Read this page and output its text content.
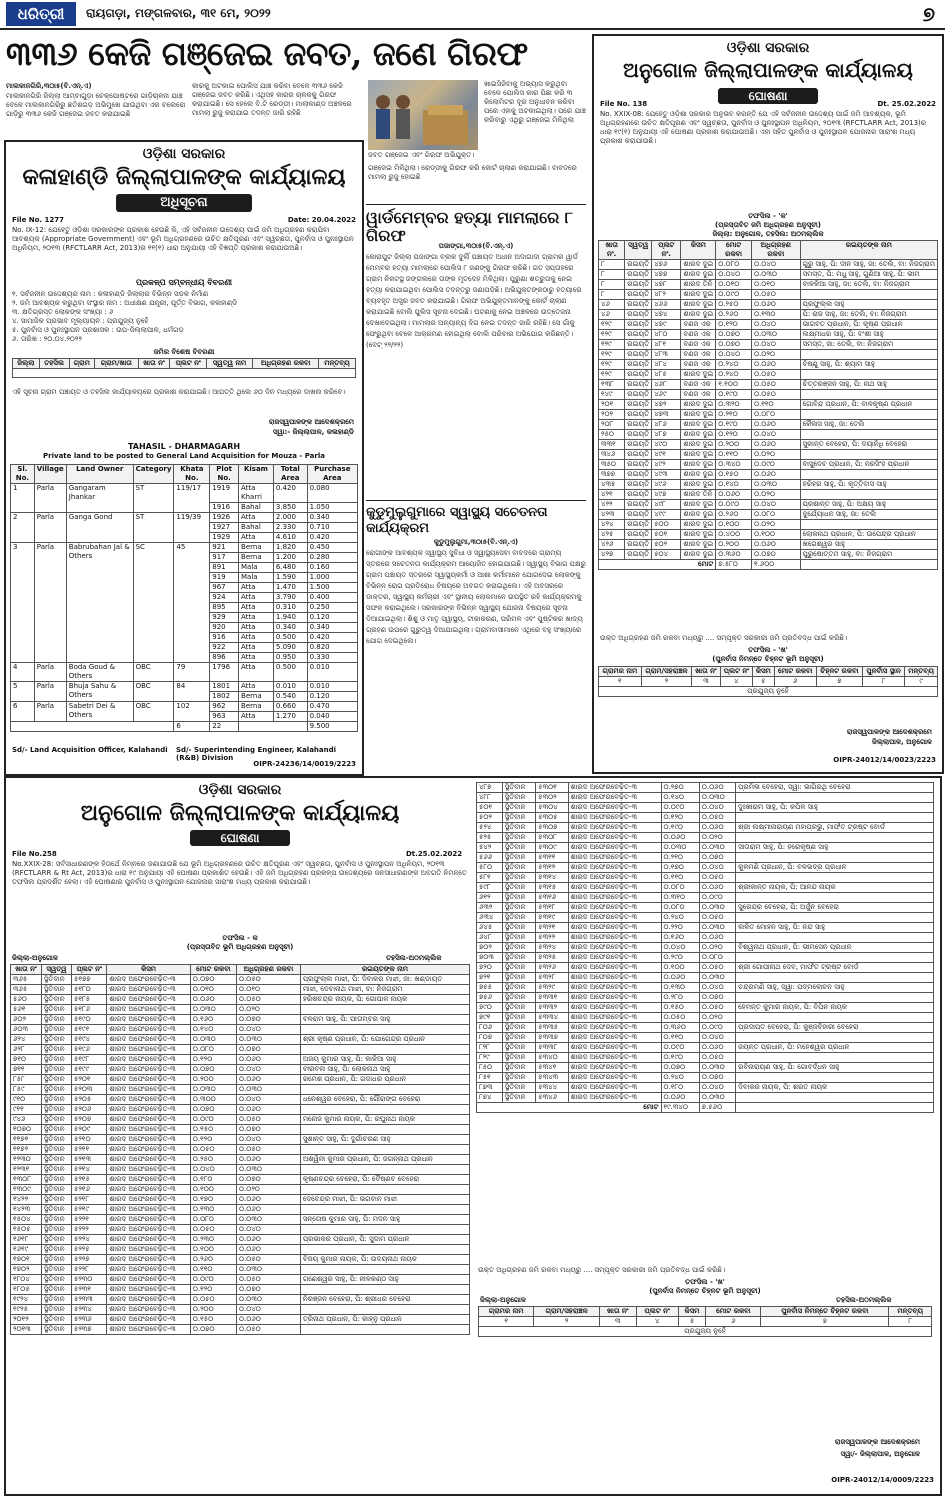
ଧରିତ୍ରୀ
DHARITRI
ରାୟଗଡ଼ା, ମଙ୍ଗଳବାର, ୩୧ ମେ, ୨୦୨୨	୭
୩୩୬ କେଜି ଗଞ୍ଜେଇ ଜବତ, ଜଣେ ଗିରଫ
ମାଲକାନଗିରି,୩୦ା୫(ବି.ଏନ୍‌.ଏ)
ମାଲକାନଗିରି ଜିଲ୍ଲା ଆମ୍ବାଗୁଡ଼ା ଚେକ୍‌ପୋଷ୍ଟରେ ଗାଡ଼ିଚାଳନା ଯାଞ୍ଚ ବେଳେ ମାଲକାନଗିରିରୁ ଛତିଶଗଡ଼ ଅଭିମୁଖେ ଯାଉଥିବା ଏକ ବଲେରୋ ଗାଡ଼ିରୁ ୩୩୬ କେଜି ଗଞ୍ଜେଇ ଜବତ କରାଯାଇଛି
କାରକୁ ଅଟକାଇ ପୋଲିସ ଯାଞ୍ଚ କରିବା ବେଳେ ୩୩୬ କେଜି ଗଞ୍ଜେଇ ଜବତ କରିଛି। ଏଥିସହ କାରର ଚାଳକକୁ ଗିରଫ କରାଯାଇଛି। ସେ ହେଲେ ବି.ଟି ରେଡ୍ଡୀ। ମାଲାକାଣ୍ଡ ଅଞ୍ଚଳରେ ମାମଲା ରୁଜୁ କରାଯାଇ ତଦନ୍ତ ଜାରି ରହିଛି
ଜବତ ଗଞ୍ଜେଇ ଏବଂ ଗିରଫ ଅଭିଯୁକ୍ତ।
ଖାଇସିଜିବାକୁ ଅଭ୍ୟାସ କରୁଥିବା ବେଳେ ପୋଲିସ କାର ପିଛା କରି ୩ କିଲୋମିଟର ଦୂର ଅନୁଧାବନ କରିବା ପରେ ଏହାକୁ ଅଟକାଇଥିଲା। ପରେ ଯାଞ୍ଚ କରିବାରୁ ଏଥିରୁ ଗଞ୍ଜେଇ ମିଳିଥିଲା
ଗଞ୍ଜେଇ ମିଳିଥିଲା। ରେଡ୍ଡୀକୁ ଗିରଫ କରି କୋର୍ଟ ଚାଲାଣ କରାଯାଇଛି। ବାବଦରେ ମାମଲା ରୁଜୁ ହୋଇଛି
ଓଡ଼ିଶା ସରକାର
କଳାହାଣ୍ଡି ଜିଲ୍ଲାପାଳଙ୍କ କାର୍ଯ୍ୟାଳୟ
ଅଧିସୂଚନା
File No. 1277	Date: 20.04.2022
No. IX-12: ଯେହେତୁ ଓଡ଼ିଶା ସରକାରଙ୍କ ପ୍ରକାଶ ହେଉଛି କି, ଏହି ସର୍ବଜନୀନ ଉଦ୍ଦେଶ୍ୟ ପାଇଁ ଜମି ଅଧିଗ୍ରହଣ କରାଯିବା ଆବଶ୍ୟକ (Appropriate Government) ଏବଂ ଭୂମି ଅଧିଗ୍ରହଣରେ ଉଚିତ କ୍ଷତିପୂରଣ ଏବଂ ସ୍ୱଚ୍ଛତା, ପୁନର୍ବାସ ଓ ପୁନଃସ୍ଥାପନ ଅଧିନିୟମ, ୨୦୧୩ (RFCTLARR Act, 2013)ର ୧୧(୧) ଧାରା ଅନୁଯାୟୀ ଏହି ବିଜ୍ଞପ୍ତି ପ୍ରକାଶ କରାଯାଉଅଛି।
ପ୍ରକଳ୍ପ ସମ୍ବନ୍ଧୀୟ ବିବରଣୀ
୧. ସର୍ବଜନୀନ ଉଦ୍ଦେଶ୍ୟର ନାମ : କଳାହାଣ୍ଡି ଜିଲ୍ଲାର ବିଭିନ୍ନ ସଡ଼କ ନିର୍ମାଣ
୨. ଜମି ଆବଶ୍ୟକ କରୁଥିବା ସଂସ୍ଥାର ନାମ : ଅଧୀକ୍ଷଣ ଯନ୍ତ୍ରୀ, ପୂର୍ତ୍ତ ବିଭାଗ, କଳାହାଣ୍ଡି
୩. କ୍ଷତିଗ୍ରସ୍ତ ଲୋକଙ୍କ ସଂଖ୍ୟା : ୬
୪. ସାମାଜିକ ପ୍ରଭାବ ମୂଲ୍ୟାୟନ : ପ୍ରଯୁଜ୍ୟ ନୁହେଁ
୫. ପୁନର୍ବାସ ଓ ପୁନଃସ୍ଥାପନ ପ୍ରଶାସକ : ଉପ-ଜିଲ୍ଲାପାଳ, ଧର୍ମଗଡ଼
୬. ତାରିଖ : ୨୦.୦୪.୨୦୨୨
ଜମିର ବିଶେଷ ବିବରଣୀ
ଜିଲ୍ଲା	ତହସିଲ	ଗ୍ରାମ	ଗ୍ରାମ/ଖାତା	ଖାତା ନଂ	ପ୍ଲଟ ନଂ	ସ୍ୱତ୍ୱ ନାମ	ଅଧିଗ୍ରହଣ ରକବା	ମନ୍ତବ୍ୟ

ଏହି ସୂଚନା ଗ୍ରାମ ପଞ୍ଚାୟତ ଓ ତହସିଲ କାର୍ଯ୍ୟାଳୟରେ ପ୍ରକାଶ କରାଯାଇଛି। ଆପତ୍ତି ଥିଲେ ୬୦ ଦିନ ମଧ୍ୟରେ ଦାଖଲ କରିବେ।
ରାଜସ୍ୱପାଳଙ୍କ ଆଦେଶକ୍ରମେ
ସ୍ୱା:- ଜିଲ୍ଲାପାଳ, କଳାହାଣ୍ଡି
TAHASIL - DHARMAGARH
Private land to be posted to General Land Acquisition for Mouza - Parla
Sl. No.	Village	Land Owner	Category	Khata No.	Plot No.	Kisam	Total Area	Purchase Area
1	Parla	Gangaram Jhankar	ST	119/17	1919	Atta Kharri	0.420	0.080
					1916	Bahal	3.850	1.050
2	Parla	Ganga Gond	ST	119/39	1926	Atta	2.000	0.340
					1927	Bahal	2.330	0.710
					1929	Atta	4.610	0.420
3	Parla	Babrubahan Jal & Others	SC	45	921	Berna	1.820	0.450
					917	Berna	1.200	0.280
					891	Mala	6.480	0.160
					919	Mala	1.590	1.000
					967	Atta	1.470	1.500
					924	Atta	3.790	0.400
					895	Atta	0.310	0.250
					929	Atta	1.940	0.120
					920	Atta	0.340	0.340
					916	Atta	0.500	0.420
					922	Atta	5.090	0.820
					896	Atta	0.950	0.330
4	Parla	Boda Goud & Others	OBC	79	1796	Atta	0.500	0.010
5	Parla	Bhuja Sahu & Others	OBC	84	1801	Atta	0.010	0.010
					1802	Berna	0.540	0.120
6	Parla	Sabetri Dei & Others	OBC	102	962	Berna	0.660	0.470
					963	Atta	1.270	0.040
				6	22			9.500
Sd/- Land Acquisition Officer, Kalahandi Sd/- Superintending Engineer, Kalahandi (R&B) Division
OIPR-24236/14/0019/2223
ୱାର୍ଡମେମ୍ବର ହତ୍ୟା ମାମଲାରେ ୮ ଗିରଫ
ପଜାଙ୍ଗା,୩୦ା୫(ବି.ଏନ୍‌.ଏ)
କୋରାପୁଟ ଜିଲ୍ଲା ପଜାଙ୍ଗା ବ୍ଲକ ଦୁର୍ଲି ପଞ୍ଚାୟତ ଅଧୀନ ଅଦାଗାଦା ଗ୍ରାମର ୱାର୍ଡ ମେମ୍ବର ହତ୍ୟା ମାମଲାରେ ପୋଲିସ ୮ ଜଣଙ୍କୁ ଗିରଫ କରିଛି। ଗତ ସପ୍ତାହରେ ଗ୍ରାମ ନିକଟସ୍ଥ ଜଙ୍ଗଲରେ ତାଙ୍କ ମୃତଦେହ ମିଳିଥିଲା। ପୁରୁଣା ଶତ୍ରୁତାକୁ ନେଇ ହତ୍ୟା କରାଯାଇଥିବା ପୋଲିସ ତଦନ୍ତରୁ ଜଣାପଡ଼ିଛି। ଅଭିଯୁକ୍ତଙ୍କଠାରୁ ହତ୍ୟାରେ ବ୍ୟବହୃତ ଅସ୍ତ୍ର ଜବତ କରାଯାଇଛି। ଗିରଫ ଅଭିଯୁକ୍ତମାନଙ୍କୁ କୋର୍ଟ ଚାଲାଣ କରାଯାଇଛି ବୋଲି ପୁଲିସ ସୂଚନା ଦେଇଛି। ଘଟଣାକୁ ନେଇ ଅଞ୍ଚଳରେ ଉତ୍ତେଜନା ଦେଖାଦେଇଥିଲା। ମାମଲାର ଅନ୍ୟାନ୍ୟ ଦିଗ ନେଇ ତଦନ୍ତ ଜାରି ରହିଛି। ସେ ଗାଁକୁ ଫେରୁଥିବା ବେଳେ ଆକ୍ରମଣ ହୋଇଥିଲା ବୋଲି ପରିବାର ଅଭିଯୋଗ କରିଛନ୍ତି। (ବେଟ୍‌ ୨୨/୨୨)
କୁଡୁମୁଲୁଗୁମାରେ ସ୍ୱାସ୍ଥ୍ୟ ସଚେତନତା କାର୍ଯ୍ୟକ୍ରମ
କୁଡୁମୁଲୁଗୁମା,୩୦ା୫(ବି.ଏନ୍‌.ଏ)
ରୋଗୀଙ୍କ ଆବଶ୍ୟକ ସ୍ୱାସ୍ଥ୍ୟ ସୁବିଧା ଓ ସ୍ୱାସ୍ଥ୍ୟସେବା ବାବଦରେ ଗ୍ରାମ୍ୟ ସ୍ତରରେ ସଚେତନତା କାର୍ଯ୍ୟକ୍ରମ ଆୟୋଜିତ ହୋଇଯାଇଛି। ସ୍ୱାସ୍ଥ୍ୟ ବିଭାଗ ପକ୍ଷରୁ ଗ୍ରାମ ପଞ୍ଚାୟତ ସ୍ତରରେ ସ୍ୱାସ୍ଥ୍ୟକର୍ମୀ ଓ ଆଶା କର୍ମୀମାନେ ଯୋଗଦେଇ ଲୋକଙ୍କୁ ବିଭିନ୍ନ ରୋଗ ପ୍ରତିରୋଧ ବିଷୟରେ ଅବଗତ କରାଇଥିଲେ। ଏହି ଅବସରରେ ଡାକ୍ତର, ସ୍ୱାସ୍ଥ୍ୟ କର୍ମଚାରୀ ଏବଂ ସ୍ଥାନୀୟ ଲୋକମାନେ ଉପସ୍ଥିତ ରହି କାର୍ଯ୍ୟକ୍ରମକୁ ସଫଳ କରାଇଥିଲେ। ସରକାରଙ୍କ ବିଭିନ୍ନ ସ୍ୱାସ୍ଥ୍ୟ ଯୋଜନା ବିଷୟରେ ସୂଚନା ଦିଆଯାଇଥିଲା। ଶିଶୁ ଓ ମାତୃ ସ୍ୱାସ୍ଥ୍ୟ, ଟୀକାକରଣ, ପରିମଳ ଏବଂ ପୁଷ୍ଟିକର ଖାଦ୍ୟ ଗ୍ରହଣ ଉପରେ ଗୁରୁତ୍ୱ ଦିଆଯାଇଥିଲା। ଗ୍ରାମବାସୀମାନେ ଏଥିରେ ବହୁ ସଂଖ୍ୟାରେ ଯୋଗ ଦେଇଥିଲେ।
ଓଡ଼ିଶା ସରକାର
ଅନୁଗୋଳ ଜିଲ୍ଲାପାଳଙ୍କ କାର୍ଯ୍ୟାଳୟ
ଘୋଷଣା
File No. 138	Dt. 25.02.2022
No. XXIX-08: ଯେହେତୁ ଓଡ଼ିଶା ସରକାର ଅନୁଭବ କରନ୍ତି ଯେ ଏହି ସର୍ବଜନୀନ ଉଦ୍ଦେଶ୍ୟ ପାଇଁ ଜମି ଆବଶ୍ୟକ, ଭୂମି ଅଧିଗ୍ରହଣରେ ଉଚିତ କ୍ଷତିପୂରଣ ଏବଂ ସ୍ୱଚ୍ଛତା, ପୁନର୍ବାସ ଓ ପୁନଃସ୍ଥାପନ ଅଧିନିୟମ, ୨୦୧୩ (RFCTLARR Act, 2013)ର ଧାରା ୧୯(୧) ଅନୁଯାୟୀ ଏହି ଘୋଷଣା ପ୍ରକାଶ କରାଯାଉଅଛି। ଏହା ସହିତ ପୁନର୍ବାସ ଓ ପୁନଃସ୍ଥାପନ ଯୋଜନାର ସାରାଂଶ ମଧ୍ୟ ପ୍ରକାଶ କରାଯାଉଛି।
ତଫସିଲ - 'କ'
(ପ୍ରସ୍ତାବିତ ଜମି ଅଧିଗ୍ରହଣ ଅନୁସୂଚୀ)
ଜିଲ୍ଲା: ଅନୁଗୋଳ, ତହସିଲ: ଅଠମଲ୍ଲିକ
ଖାତା ନଂ.	ସ୍ୱତ୍ୱ	ପ୍ଲଟ ନଂ.	କିସମ	ମୋଟ ରକବା	ଅଧିଗ୍ରହଣ ରକବା	ରଇୟତଙ୍କ ନାମ
୮	ରଇୟତି	୪୭୬	ଶାରଦ ଦୁଇ	୦.୦୮୦	୦.୦୪୦	ଗୁରୁ ସାହୁ, ପି: ଦୀନ ସାହୁ, ଜା: ତେଲି, ବା: ନିଜଗ୍ରାମ
୮	ରଇୟତି	୪୭୭	ଶାରଦ ଦୁଇ	୦.୦୪୦	୦.୦୩୦	ସମସ୍ତ, ପି: ମଧୁ ସାହୁ, ଗୁଣିଆ ସାହୁ, ପି: ଭୀମ
୮	ରଇୟତି	୪୭୮	ଶାରଦ ତିନି	୦.୦୧୦	୦.୦୧୦	ବାଳକିଆ ସାହୁ, ଜା: ତେଲି, ବା: ନିଜଗ୍ରାମ
୮	ରଇୟତି	୪୮୨	ଶାରଦ ଦୁଇ	୦.୦୯୦	୦.୦୫୦	
୪୬	ରଇୟତି	୪୬୬	ଶାରଦ ଦୁଇ	୦.୨୫୦	୦.୦୬୦	ପ୍ରଫୁଲ୍ଲ ସାହୁ
୪୬	ରଇୟତି	୪୭୪	ଶାରଦ ଦୁଇ	୦.୨୬୦	୦.୧୩୦	ପି: ରାଜ ସାହୁ, ଜା: ତେଲି, ବା: ନିଜଗ୍ରାମ
୧୨୯	ରଇୟତି	୪୭୯	ବଣଜ ଏକ	୦.୧୨୦	୦.୦୪୦	ଭାଗବତ ପ୍ରଧାନ, ପି: କୃଷ୍ଣ ପ୍ରଧାନ
୧୨୯	ରଇୟତି	୪୮୦	ବଣଜ ଏକ	୦.୦୭୦	୦.୦୩୦	ଲକ୍ଷ୍ମୀଧର ସାହୁ, ପି: ବଂଶୀ ସାହୁ
୧୨୯	ରଇୟତି	୪୮୧	ବଣଜ ଏକ	୦.୦୭୦	୦.୦୪୦	ସମସ୍ତ, ଜା: ତେଲି, ବା: ନିଜଗ୍ରାମ
୧୨୯	ରଇୟତି	୪୮୩	ବଣଜ ଏକ	୦.୦୪୦	୦.୦୨୦	
୧୨୯	ରଇୟତି	୪୮୪	ବଣଜ ଏକ	୦.୨୪୦	୦.୦୬୦	ବିଷ୍ଣୁ ସାହୁ, ପି: ଶ୍ୟାମ ସାହୁ
୧୨୯	ରଇୟତି	୪୮୫	ଶାରଦ ଦୁଇ	୦.୨୪୦	୦.୦୫୦	
୧୩୮	ରଇୟତି	୪୬୮	ବଣଜ ଏକ	୧.୧୦୦	୦.୦୫୦	ଚିତ୍ତରଞ୍ଜନ ସାହୁ, ପି: ନାଥ ସାହୁ
୧୪୯	ରଇୟତି	୪୬୯	ବଣଜ ଏକ	୦.୧୯୦	୦.୦୫୦	
୨୦୧	ରଇୟତି	୪୭୨	ଶାରଦ ଦୁଇ	୦.୩୨୦	୦.୧୧୦	ଗୋବିନ୍ଦ ପ୍ରଧାନ, ପି: ବାଳକୃଷ୍ଣ ପ୍ରଧାନ
୨୦୨	ରଇୟତି	୪୭୩	ଶାରଦ ଦୁଇ	୦.୨୧୦	୦.୦୮୦	
୨୦୮	ରଇୟତି	୪୮୬	ଶାରଦ ଦୁଇ	୦.୧୯୦	୦.୦୬୦	କୈଳାସ ସାହୁ, ଜା: ତେଲି
୨୫୦	ରଇୟତି	୪୮୭	ଶାରଦ ଦୁଇ	୦.୧୨୦	୦.୦୪୦	
୩୩୧	ରଇୟତି	୪୯୦	ଶାରଦ ଦୁଇ	୦.୨୦୦	୦.୦୬୦	ସୁକାନ୍ତ ବେହେରା, ପି: ଦୟାନିଧି ବେହେରା
୩୪୬	ରଇୟତି	୪୯୧	ଶାରଦ ଦୁଇ	୦.୧୧୦	୦.୦୨୦	
୩୫୦	ରଇୟତି	୪୯୨	ଶାରଦ ଦୁଇ	୦.୩୪୦	୦.୦୯୦	ବାସୁଦେବ ପ୍ରଧାନ, ପି: ନରସିଂହ ପ୍ରଧାନ
୩୭୭	ରଇୟତି	୪୯୩	ଶାରଦ ଦୁଇ	୦.୧୫୦	୦.୦୬୦	
୪୩୫	ରଇୟତି	୪୯୬	ଶାରଦ ଦୁଇ	୦.୧୪୦	୦.୦୩୦	ହରିହର ସାହୁ, ପି: କୃତ୍ତିବାସ ସାହୁ
୪୨୧	ରଇୟତି	୪୯୭	ଶାରଦ ତିନି	୦.୦୬୦	୦.୦୨୦	
୪୨୨	ରଇୟତି	୪୯୮	ଶାରଦ ଦୁଇ	୦.୦୯୦	୦.୦୪୦	ପ୍ରଶାନ୍ତ ସାହୁ, ପି: ଅକ୍ଷୟ ସାହୁ
୪୨୩	ରଇୟତି	୪୯୯	ଶାରଦ ଦୁଇ	୦.୨୬୦	୦.୦୮୦	ଦୁର୍ଯ୍ୟୋଧନ ସାହୁ, ଜା: ତେଲି
୪୨୪	ରଇୟତି	୫୦୦	ଶାରଦ ଦୁଇ	୦.୧୦୦	୦.୦୨୦	
୪୨୫	ରଇୟତି	୫୦୧	ଶାରଦ ଦୁଇ	୦.୪୦୦	୦.୧୦୦	ଲୋକନାଥ ପ୍ରଧାନ, ପି: ଉପେନ୍ଦ୍ର ପ୍ରଧାନ
୪୨୬	ରଇୟତି	୫୦୨	ଶାରଦ ଦୁଇ	୦.୨୦୦	୦.୦୬୦	ଖଗେଶ୍ୱର ସାହୁ
୪୨୭	ରଇୟତି	୫୦୪	ଶାରଦ ଦୁଇ	୦.୩୬୦	୦.୦୭୦	ପୁରୁଷୋତ୍ତମ ସାହୁ, ବା: ନିଜଗ୍ରାମ
ମୋଟ				୭.୫୮୦	୧.୬୦୦	
ଉକ୍ତ ଅଧିଗ୍ରହଣ ଜମି ରକବା ମଧ୍ୟରୁ .... ସମ୍ପୃକ୍ତ ସରକାରୀ ଜମି ପ୍ରତିବଦ୍ଧ ପାଇଁ କରିଛି।
ତଫସିଲ - 'ଖ'
(ପୁନର୍ବାସ ନିମନ୍ତେ ଚିହ୍ନଟ ଭୂମି ଅନୁସୂଚୀ)
ଗ୍ରାମର ନାମ	ଗ୍ରାମ/ସହରାଞ୍ଚଳ	ଖାତା ନଂ	ପ୍ଲଟ ନଂ	କିସମ	ମୋଟ ରକବା	ଚିହ୍ନଟ ରକବା	ପୁନର୍ବାସ ସ୍ଥାନ	ମନ୍ତବ୍ୟ
୧	୨	୩	୪	୫	୬	୭	୮	୯
ପ୍ରଯୁଜ୍ୟ ନୁହେଁ								
ରାଜସ୍ୱପାଳଙ୍କ ଆଦେଶକ୍ରମେ
ଜିଲ୍ଲାପାଳ, ଅନୁଗୋଳ
OIPR-24012/14/0023/2223
ଓଡ଼ିଶା ସରକାର
ଅନୁଗୋଳ ଜିଲ୍ଲାପାଳଙ୍କ କାର୍ଯ୍ୟାଳୟ
ଘୋଷଣା
File No.258	Dt.25.02.2022
No.XXIX-28: ସର୍ବସାଧାରଣଙ୍କ ହିତାର୍ଥେ ନିମ୍ନରେ ଜଣାଯାଉଛି ଯେ ଭୂମି ଅଧିଗ୍ରହଣରେ ଉଚିତ କ୍ଷତିପୂରଣ ଏବଂ ସ୍ୱଚ୍ଛତା, ପୁନର୍ବାସ ଓ ପୁନଃସ୍ଥାପନ ଅଧିନିୟମ, ୨୦୧୩ (RFCTLARR & Rt Act, 2013)ର ଧାରା ୧୯ ଅନୁଯାୟୀ ଏହି ଘୋଷଣା ପ୍ରକାଶିତ ହେଉଛି। ଏହି ଜମି ଅଧିଗ୍ରହଣ ପ୍ରକଳ୍ପ ଉଦ୍ଦେଶ୍ୟରେ ଜନସାଧାରଣଙ୍କ ଅବଗତି ନିମନ୍ତେ ତଫସିଲ ପ୍ରଦର୍ଶିତ ହେଲା। ଏହି ଘୋଷଣାର ପୁନର୍ବାସ ଓ ପୁନଃସ୍ଥାପନ ଯୋଜନାର ସାରାଂଶ ମଧ୍ୟ ପ୍ରକାଶ କରାଯାଉଛି।
ତଫସିଲ - କ
(ପ୍ରସ୍ତାବିତ ଭୂମି ଅଧିଗ୍ରହଣ ଅନୁସୂଚୀ)
ଜିଲ୍ଲା-ଅନୁଗୋଳ	ତହସିଲ-ଅଠମଲ୍ଲିକ
ଖାତା ନଂ	ସ୍ୱତ୍ୱ	ପ୍ଲଟ ନଂ	କିସମ	ମୋଟ ରକବା	ଅଧିଗ୍ରହଣ ରକବା	ରଇୟତଙ୍କ ନାମ
୩୬୫	ସ୍ଥିତିବାନ	୫୧୭୭	ଶାରଦ ଅଫେରବେଢ଼ିତ-୩	୦.୦୭୦	୦.୦୫୦	ପ୍ରଫୁଲ୍ଲ ମାଝୀ, ପି: ଦିବାକର ମାଝୀ, ଜା: ଖଣ୍ଡାୟତ
୩୬୫	ସ୍ଥିତିବାନ	୫୧୮୦	ଶାରଦ ଅଫେରବେଢ଼ିତ-୩	୦.୦୧୦	୦.୦୧୦	ମାଝୀ, ଦେବାନାଥ ମାଝୀ, ବା: ନିଜଗ୍ରାମ
୫୬୦	ସ୍ଥିତିବାନ	୫୧୮୫	ଶାରଦ ଅଫେରବେଢ଼ିତ-୩	୦.୦୬୦	୦.୦୫୦	ହରିଶଚନ୍ଦ୍ର ନାୟକ, ପି: ଗୋପାଳ ନାୟକ
୫୬୧	ସ୍ଥିତିବାନ	୫୧୮୬	ଶାରଦ ଅଫେରବେଢ଼ିତ-୩	୦.୦୩୦	୦.୦୨୦	
୬୦୨	ସ୍ଥିତିବାନ	୫୧୯୦	ଶାରଦ ଅଫେରବେଢ଼ିତ-୩	୦.୧୬୦	୦.୦୭୦	ବଳରାମ ସାହୁ, ପି: ପୀତାମ୍ବର ସାହୁ
୬୦୩	ସ୍ଥିତିବାନ	୫୧୯୧	ଶାରଦ ଅଫେରବେଢ଼ିତ-୩	୦.୧୪୦	୦.୦୪୦	
୬୨୪	ସ୍ଥିତିବାନ	୫୧୯୪	ଶାରଦ ଅଫେରବେଢ଼ିତ-୩	୦.୦୩୦	୦.୦୩୦	ଶ୍ରୀ କୃଷ୍ଣ ପ୍ରଧାନ, ପି: ଯୋଗେନ୍ଦ୍ର ପ୍ରଧାନ
୬୨୮	ସ୍ଥିତିବାନ	୫୧୯୬	ଶାରଦ ଅଫେରବେଢ଼ିତ-୩	୦.୦୮୦	୦.୦୭୦	
୭୧୦	ସ୍ଥିତିବାନ	୫୧୯୮	ଶାରଦ ଅଫେରବେଢ଼ିତ-୩	୦.୧୨୦	୦.୦୬୦	ଅଜୟ କୁମାର ସାହୁ, ପି: କାଳିଆ ସାହୁ
୭୧୧	ସ୍ଥିତିବାନ	୫୧୯୯	ଶାରଦ ଅଫେରବେଢ଼ିତ-୩	୦.୦୭୦	୦.୦୪୦	ବୀରବଲ ସାହୁ, ପି: ଲୋକନାଥ ସାହୁ
୮୫୮	ସ୍ଥିତିବାନ	୫୨୦୧	ଶାରଦ ଅଫେରବେଢ଼ିତ-୩	୦.୨୦୦	୦.୦୬୦	ରମେଶ ପ୍ରଧାନ, ପି: ଗଦାଧର ପ୍ରଧାନ
୮୫୯	ସ୍ଥିତିବାନ	୫୨୦୩	ଶାରଦ ଅଫେରବେଢ଼ିତ-୩	୦.୦୩୦	୦.୦୩୦	
୯୧୦	ସ୍ଥିତିବାନ	୫୨୦୫	ଶାରଦ ଅଫେରବେଢ଼ିତ-୩	୦.୩୦୦	୦.୦୪୦	ଧନେଶ୍ୱର ବେହେରା, ପି: ଗୌରାଙ୍ଗ ବେହେରା
୯୧୧	ସ୍ଥିତିବାନ	୫୨୦୬	ଶାରଦ ଅଫେରବେଢ଼ିତ-୩	୦.୦୭୦	୦.୦୬୦	
୯୪୬	ସ୍ଥିତିବାନ	୫୨୦୭	ଶାରଦ ଅଫେରବେଢ଼ିତ-୩	୦.୦୯୦	୦.୦୫୦	ମନୋଜ କୁମାର ନାୟକ, ପି: ରଘୁନାଥ ନାୟକ
୧୦୭୦	ସ୍ଥିତିବାନ	୫୨୦୯	ଶାରଦ ଅଫେରବେଢ଼ିତ-୩	୦.୧୫୦	୦.୦୭୦	
୧୧୭୧	ସ୍ଥିତିବାନ	୫୨୧୦	ଶାରଦ ଅଫେରବେଢ଼ିତ-୩	୦.୧୨୦	୦.୦୪୦	ସୁଶାନ୍ତ ସାହୁ, ପି: ଦୁର୍ଗାଚରଣ ସାହୁ
୧୧୭୨	ସ୍ଥିତିବାନ	୫୨୧୧	ଶାରଦ ଅଫେରବେଢ଼ିତ-୩	୦.୦୫୦	୦.୦୫୦	
୧୨୩୦	ସ୍ଥିତିବାନ	୫୨୧୩	ଶାରଦ ଅଫେରବେଢ଼ିତ-୩	୦.୨୫୦	୦.୦୬୦	ଅଶ୍ୱିନୀ କୁମାର ପ୍ରଧାନ, ପି: ଜଗନ୍ନାଥ ପ୍ରଧାନ
୧୨୩୧	ସ୍ଥିତିବାନ	୫୨୧୪	ଶାରଦ ଅଫେରବେଢ଼ିତ-୩	୦.୦୪୦	୦.୦୩୦	
୧୩୦୮	ସ୍ଥିତିବାନ	୫୨୧୫	ଶାରଦ ଅଫେରବେଢ଼ିତ-୩	୦.୧୮୦	୦.୦୭୦	କୃଷ୍ଣଚନ୍ଦ୍ର ବେହେରା, ପି: ବୈଷ୍ଣବ ବେହେରା
୧୩୦୯	ସ୍ଥିତିବାନ	୫୨୧୬	ଶାରଦ ଅଫେରବେଢ଼ିତ-୩	୦.୧୦୦	୦.୦୨୦	
୧୪୨୨	ସ୍ଥିତିବାନ	୫୨୧୮	ଶାରଦ ଅଫେରବେଢ଼ିତ-୩	୦.୧୭୦	୦.୦୬୦	ଦେବେନ୍ଦ୍ର ମାଝୀ, ପି: ଭଗବାନ ମାଝୀ
୧୪୨୩	ସ୍ଥିତିବାନ	୫୨୧୯	ଶାରଦ ଅଫେରବେଢ଼ିତ-୩	୦.୧୩୦	୦.୦୬୦	
୧୫୦୪	ସ୍ଥିତିବାନ	୫୨୨୧	ଶାରଦ ଅଫେରବେଢ଼ିତ-୩	୦.୦୮୦	୦.୦୩୦	ସନ୍ତୋଷ କୁମାର ସାହୁ, ପି: ମଦନ ସାହୁ
୧୫୦୫	ସ୍ଥିତିବାନ	୫୨୨୨	ଶାରଦ ଅଫେରବେଢ଼ିତ-୩	୦.୦୫୦	୦.୦୪୦	
୧୬୧୮	ସ୍ଥିତିବାନ	୫୨୨୪	ଶାରଦ ଅଫେରବେଢ଼ିତ-୩	୦.୨୩୦	୦.୦୬୦	ପ୍ରଭାକର ପ୍ରଧାନ, ପି: ସୁଦାମ ପ୍ରଧାନ
୧୬୧୯	ସ୍ଥିତିବାନ	୫୨୨୫	ଶାରଦ ଅଫେରବେଢ଼ିତ-୩	୦.୧୦୦	୦.୦୬୦	
୧୭୦୧	ସ୍ଥିତିବାନ	୫୨୨୭	ଶାରଦ ଅଫେରବେଢ଼ିତ-୩	୦.୨୬୦	୦.୦୫୦	ବିଜୟ କୁମାର ନାୟକ, ପି: ଉଦୟନାଥ ନାୟକ
୧୭୦୨	ସ୍ଥିତିବାନ	୫୨୨୮	ଶାରଦ ଅଫେରବେଢ଼ିତ-୩	୦.୧୧୦	୦.୦୩୦	
୧୮୦୪	ସ୍ଥିତିବାନ	୫୨୩୦	ଶାରଦ ଅଫେରବେଢ଼ିତ-୩	୦.୦୯୦	୦.୦୫୦	ଗଣେଶ୍ୱର ସାହୁ, ପି: ନୀଳକଣ୍ଠ ସାହୁ
୧୮୦୫	ସ୍ଥିତିବାନ	୫୨୩୧	ଶାରଦ ଅଫେରବେଢ଼ିତ-୩	୦.୧୨୦	୦.୦୭୦	
୧୯୨୪	ସ୍ଥିତିବାନ	୫୨୩୩	ଶାରଦ ଅଫେରବେଢ଼ିତ-୩	୦.୦୫୦	୦.୦୩୦	ନିରଞ୍ଜନ ବେହେରା, ପି: ଶ୍ରୀଧର ବେହେରା
୧୯୨୫	ସ୍ଥିତିବାନ	୫୨୩୪	ଶାରଦ ଅଫେରବେଢ଼ିତ-୩	୦.୨୦୦	୦.୦୪୦	
୨୦୧୨	ସ୍ଥିତିବାନ	୫୨୩୬	ଶାରଦ ଅଫେରବେଢ଼ିତ-୩	୦.୧୫୦	୦.୦୬୦	ତ୍ରିନାଥ ପ୍ରଧାନ, ପି: କାହ୍ନୁ ପ୍ରଧାନ
୨୦୧୩	ସ୍ଥିତିବାନ	୫୨୩୭	ଶାରଦ ଅଫେରବେଢ଼ିତ-୩	୦.୦୭୦	୦.୦୫୦	
୪୮୭	ସ୍ଥିତିବାନ	୫୩୦୧	ଶାରଦ ଅଫେରବେଢ଼ିତ-୩	୦.୨୭୦	୦.୦୬୦	ପ୍ରମିଳା ବେହେରା, ସ୍ୱା: ଭାଗିରଥି ବେହେରା
୪୮୮	ସ୍ଥିତିବାନ	୫୩୦୨	ଶାରଦ ଅଫେରବେଢ଼ିତ-୩	୦.୧୪୦	୦.୦୩୦	
୫୦୧	ସ୍ଥିତିବାନ	୫୩୦୪	ଶାରଦ ଅଫେରବେଢ଼ିତ-୩	୦.୦୯୦	୦.୦୪୦	ଦୁଃଖୀରାମ ସାହୁ, ପି: କପିଳ ସାହୁ
୫୦୨	ସ୍ଥିତିବାନ	୫୩୦୫	ଶାରଦ ଅଫେରବେଢ଼ିତ-୩	୦.୧୨୦	୦.୦୫୦	
୫୨୪	ସ୍ଥିତିବାନ	୫୩୦୭	ଶାରଦ ଅଫେରବେଢ଼ିତ-୩	୦.୧୯୦	୦.୦୬୦	ଶ୍ରୀ ଲକ୍ଷ୍ମୀନାରାୟଣ ମହାପ୍ରଭୁ, ମାର୍ଫତ ଟ୍ରଷ୍ଟ ବୋର୍ଡ
୫୨୫	ସ୍ଥିତିବାନ	୫୩୦୮	ଶାରଦ ଅଫେରବେଢ଼ିତ-୩	୦.୦୬୦	୦.୦୨୦	
୫୪୨	ସ୍ଥିତିବାନ	୫୩୦୯	ଶାରଦ ଅଫେରବେଢ଼ିତ-୩	୦.୦୩୦	୦.୦୩୦	ସୀତାରାମ ସାହୁ, ପି: ହରେକୃଷ୍ଣ ସାହୁ
୫୬୬	ସ୍ଥିତିବାନ	୫୩୧୧	ଶାରଦ ଅଫେରବେଢ଼ିତ-୩	୦.୨୧୦	୦.୦୭୦	
୫୮୦	ସ୍ଥିତିବାନ	୫୩୧୨	ଶାରଦ ଅଫେରବେଢ଼ିତ-୩	୦.୧୭୦	୦.୦୪୦	କୁଳମଣି ପ୍ରଧାନ, ପି: ବଳଭଦ୍ର ପ୍ରଧାନ
୫୮୧	ସ୍ଥିତିବାନ	୫୩୧୪	ଶାରଦ ଅଫେରବେଢ଼ିତ-୩	୦.୧୧୦	୦.୦୫୦	
୫୯୮	ସ୍ଥିତିବାନ	୫୩୧୫	ଶାରଦ ଅଫେରବେଢ଼ିତ-୩	୦.୦୮୦	୦.୦୬୦	ଶ୍ରୀକାନ୍ତ ନାୟକ, ପି: ଆନନ୍ଦ ନାୟକ
୬୧୨	ସ୍ଥିତିବାନ	୫୩୧୬	ଶାରଦ ଅଫେରବେଢ଼ିତ-୩	୦.୩୧୦	୦.୦୯୦	
୬୩୨	ସ୍ଥିତିବାନ	୫୩୧୮	ଶାରଦ ଅଫେରବେଢ଼ିତ-୩	୦.୦୮୦	୦.୦୩୦	ସୁରେନ୍ଦ୍ର ବେହେରା, ପି: ଅର୍ଜୁନ ବେହେରା
୬୩୪	ସ୍ଥିତିବାନ	୫୩୧୯	ଶାରଦ ଅଫେରବେଢ଼ିତ-୩	୦.୨୪୦	୦.୦୫୦	
୬୪୫	ସ୍ଥିତିବାନ	୫୩୨୧	ଶାରଦ ଅଫେରବେଢ଼ିତ-୩	୦.୨୨୦	୦.୦୩୦	ଲଳିତ ମୋହନ ସାହୁ, ପି: ନନ୍ଦ ସାହୁ
୬୪୮	ସ୍ଥିତିବାନ	୫୩୨୨	ଶାରଦ ଅଫେରବେଢ଼ିତ-୩	୦.୧୬୦	୦.୦୬୦	
୭୦୨	ସ୍ଥିତିବାନ	୫୩୨୪	ଶାରଦ ଅଫେରବେଢ଼ିତ-୩	୦.୦୪୦	୦.୦୨୦	ବିଶ୍ୱନାଥ ପ୍ରଧାନ, ପି: ଭୀମସେନ ପ୍ରଧାନ
୭୦୩	ସ୍ଥିତିବାନ	୫୩୨୫	ଶାରଦ ଅଫେରବେଢ଼ିତ-୩	୦.୨୯୦	୦.୦୮୦	
୭୨୦	ସ୍ଥିତିବାନ	୫୩୨୬	ଶାରଦ ଅଫେରବେଢ଼ିତ-୩	୦.୧୦୦	୦.୦୫୦	ଶ୍ରୀ ଗୋପୀନାଥ ଦେବ, ମାର୍ଫତ ଟ୍ରଷ୍ଟ ବୋର୍ଡ
୭୨୧	ସ୍ଥିତିବାନ	୫୩୨୮	ଶାରଦ ଅଫେରବେଢ଼ିତ-୩	୦.୦୬୦	୦.୦୩୦	
୭୫୫	ସ୍ଥିତିବାନ	୫୩୨୯	ଶାରଦ ଅଫେରବେଢ଼ିତ-୩	୦.୧୩୦	୦.୦୪୦	ଚନ୍ଦ୍ରମଣି ସାହୁ, ସ୍ୱା: ପଦ୍ମଲୋଚନ ସାହୁ
୭୫୬	ସ୍ଥିତିବାନ	୫୩୩୧	ଶାରଦ ଅଫେରବେଢ଼ିତ-୩	୦.୨୮୦	୦.୦୭୦	
୭୯୦	ସ୍ଥିତିବାନ	୫୩୩୨	ଶାରଦ ଅଫେରବେଢ଼ିତ-୩	୦.୧୫୦	୦.୦୫୦	ହେମନ୍ତ କୁମାର ନାୟକ, ପି: ବିପିନ ନାୟକ
୭୯୧	ସ୍ଥିତିବାନ	୫୩୩୪	ଶାରଦ ଅଫେରବେଢ଼ିତ-୩	୦.୦୫୦	୦.୦୨୦	
୮୦୬	ସ୍ଥିତିବାନ	୫୩୩୫	ଶାରଦ ଅଫେରବେଢ଼ିତ-୩	୦.୩୬୦	୦.୦୯୦	ପ୍ରଦୀପ୍ତ ବେହେରା, ପି: କୁଞ୍ଜବିହାରୀ ବେହେରା
୮୦୭	ସ୍ଥିତିବାନ	୫୩୩୭	ଶାରଦ ଅଫେରବେଢ଼ିତ-୩	୦.୧୧୦	୦.୦୪୦	
୮୨୮	ସ୍ଥିତିବାନ	୫୩୩୮	ଶାରଦ ଅଫେରବେଢ଼ିତ-୩	୦.୦୯୦	୦.୦୬୦	ଜୟନ୍ତ ପ୍ରଧାନ, ପି: ମହେଶ୍ୱର ପ୍ରଧାନ
୮୨୯	ସ୍ଥିତିବାନ	୫୩୪୦	ଶାରଦ ଅଫେରବେଢ଼ିତ-୩	୦.୧୯୦	୦.୦୫୦	
୮୫୦	ସ୍ଥିତିବାନ	୫୩୪୧	ଶାରଦ ଅଫେରବେଢ଼ିତ-୩	୦.୦୭୦	୦.୦୩୦	ରବିନାରାୟଣ ସାହୁ, ପି: ଗୋବର୍ଦ୍ଧନ ସାହୁ
୮୫୧	ସ୍ଥିତିବାନ	୫୩୪୩	ଶାରଦ ଅଫେରବେଢ଼ିତ-୩	୦.୨୪୦	୦.୦୭୦	
୮୭୩	ସ୍ଥିତିବାନ	୫୩୪୪	ଶାରଦ ଅଫେରବେଢ଼ିତ-୩	୦.୧୮୦	୦.୦୪୦	ଦିବାକର ନାୟକ, ପି: ଶରତ ନାୟକ
୮୭୪	ସ୍ଥିତିବାନ	୫୩୪୬	ଶାରଦ ଅଫେରବେଢ଼ିତ-୩	୦.୦୬୦	୦.୦୩୦	
ମୋଟ				୧୯.୩୪୦	୭.୫୬୦	
ଉକ୍ତ ଅଧିଗ୍ରହଣ ଜମି ରକବା ମଧ୍ୟରୁ .... ସମ୍ପୃକ୍ତ ସରକାରୀ ଜମି ପ୍ରତିବଦ୍ଧ ପାଇଁ କରିଛି।
ତଫସିଲ - 'ଖ'
(ପୁନର୍ବାସ ନିମନ୍ତେ ଚିହ୍ନଟ ଭୂମି ଅନୁସୂଚୀ)
ଜିଲ୍ଲା-ଅନୁଗୋଳ	ତହସିଲ-ଅଠମଲ୍ଲିକ
ଗ୍ରାମର ନାମ	ଗ୍ରାମ/ସହରାଞ୍ଚଳ	ଖାତା ନଂ	ପ୍ଲଟ ନଂ	କିସମ	ମୋଟ ରକବା	ପୁନର୍ବାସ ନିମନ୍ତେ ଚିହ୍ନଟ ରକବା	ମନ୍ତବ୍ୟ
୧	୨	୩	୪	୫	୬	୭	୮
ପ୍ରଯୁଜ୍ୟ ନୁହେଁ							
ରାଜସ୍ୱପାଳଙ୍କ ଆଦେଶକ୍ରମେ
ସ୍ୱା/- ଜିଲ୍ଲାପାଳ, ଅନୁଗୋଳ
OIPR-24012/14/0009/2223
